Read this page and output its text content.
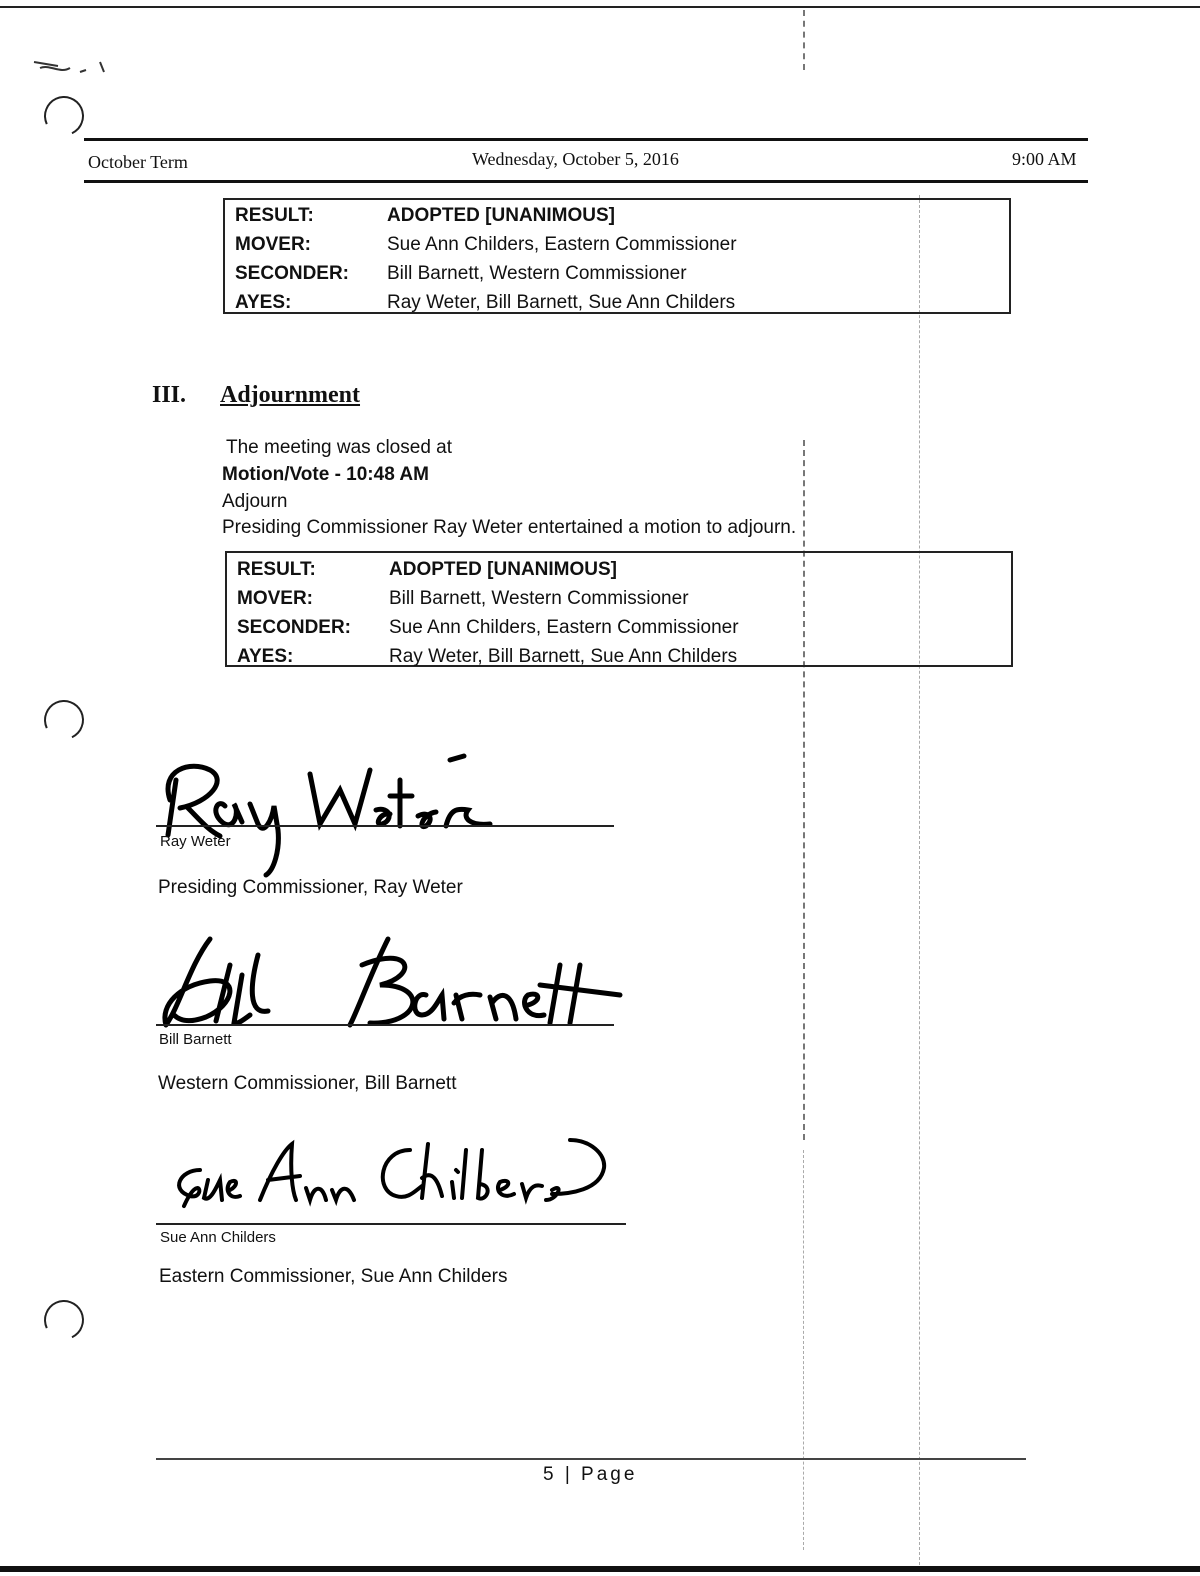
October Term	Wednesday, October 5, 2016	9:00 AM
RESULT:	ADOPTED [UNANIMOUS]
MOVER:	Sue Ann Childers, Eastern Commissioner
SECONDER: Bill Barnett, Western Commissioner
AYES:	Ray Weter, Bill Barnett, Sue Ann Childers
III. Adjournment
The meeting was closed at
Motion/Vote - 10:48 AM
Adjourn
Presiding Commissioner Ray Weter entertained a motion to adjourn.
RESULT:	ADOPTED [UNANIMOUS]
MOVER:	Bill Barnett, Western Commissioner
SECONDER: Sue Ann Childers, Eastern Commissioner
AYES:	Ray Weter, Bill Barnett, Sue Ann Childers
Ray Weter
Presiding Commissioner, Ray Weter
Bill Barnett
Western Commissioner, Bill Barnett
Sue Ann Childers
Eastern Commissioner, Sue Ann Childers
5 | Page
